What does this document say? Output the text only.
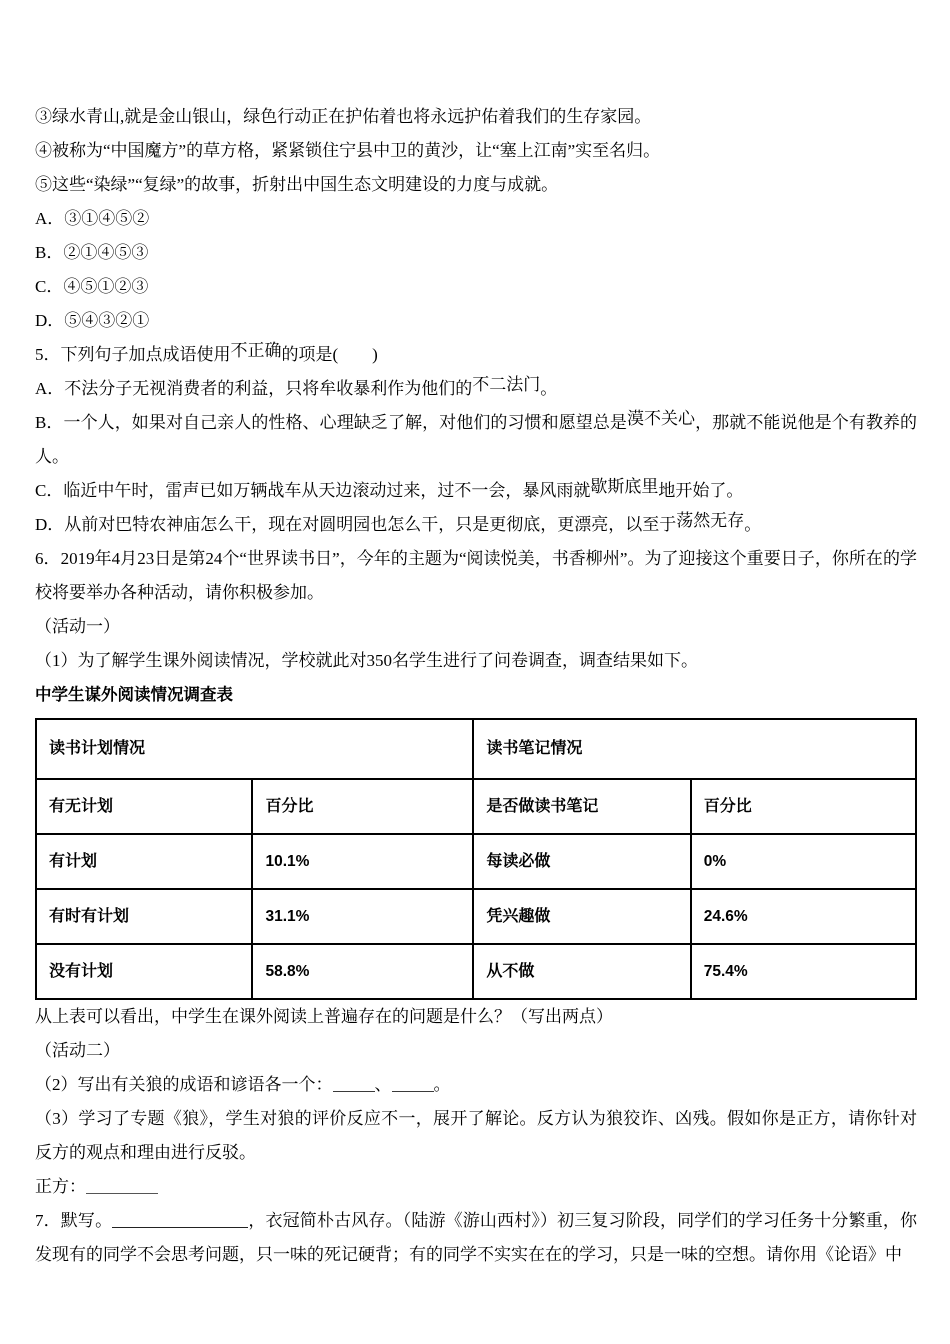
③绿水青山,就是金山银山，绿色行动正在护佑着也将永远护佑着我们的生存家园。

④被称为“中国魔方”的草方格，紧紧锁住宁县中卫的黄沙，让“塞上江南”实至名归。

⑤这些“染绿”“复绿”的故事，折射出中国生态文明建设的力度与成就。

A．③①④⑤②

B．②①④⑤③

C．④⑤①②③

D．⑤④③②①

5．下列句子加点成语使用不正确的项是(　　)

A．不法分子无视消费者的利益，只将牟收暴利作为他们的不二法门。

B．一个人，如果对自己亲人的性格、心理缺乏了解，对他们的习惯和愿望总是漠不关心，那就不能说他是个有教养的人。

C．临近中午时，雷声已如万辆战车从天边滚动过来，过不一会，暴风雨就歇斯底里地开始了。

D．从前对巴特农神庙怎么干，现在对圆明园也怎么干，只是更彻底，更漂亮，以至于荡然无存。

6．2019年4月23日是第24个“世界读书日”，今年的主题为“阅读悦美，书香柳州”。为了迎接这个重要日子，你所在的学校将要举办各种活动，请你积极参加。

（活动一）

（1）为了解学生课外阅读情况，学校就此对350名学生进行了问卷调查，调查结果如下。

中学生谋外阅读情况调查表

读书计划情况		读书笔记情况	
有无计划	百分比	是否做读书笔记	百分比
有计划	10.1%	每读必做	0%
有时有计划	31.1%	凭兴趣做	24.6%
没有计划	58.8%	从不做	75.4%

从上表可以看出，中学生在课外阅读上普遍存在的问题是什么？（写出两点）

（活动二）

（2）写出有关狼的成语和谚语各一个： 、 。

（3）学习了专题《狼》，学生对狼的评价反应不一，展开了解论。反方认为狼狡诈、凶残。假如你是正方，请你针对反方的观点和理由进行反驳。

正方：

7．默写。	，衣冠简朴古风存。（陆游《游山西村》）初三复习阶段，同学们的学习任务十分繁重，你发现有的同学不会思考问题，只一味的死记硬背；有的同学不实实在在的学习，只是一味的空想。请你用《论语》中
